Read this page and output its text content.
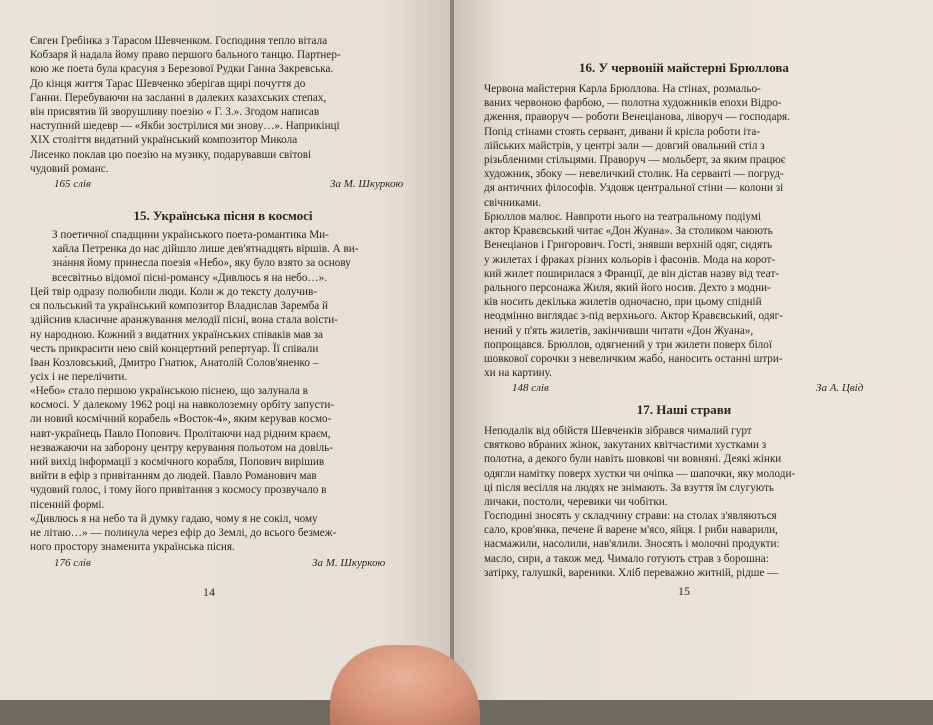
Євген Гребінка з Тарасом Шевченком. Господиня тепло вітала
Кобзаря й надала йому право першого бального танцю. Партнер-
кою же поета була красуня з Березової Рудки Ганна Закревська.
До кінця життя Тарас Шевченко зберігав щирі почуття до
Ганни. Перебуваючи на засланні в далеких казахських степах,
він присвятив їй зворушливу поезію « Г. З.». Згодом написав
наступний шедевр — «Якби зострілися ми знову…». Наприкінці
XIX століття видатний український композитор Микола
Лисенко поклав цю поезію на музику, подарувавши світові
чудовий романс.
165 слів	За М. Шкуркою
15. Українська пісня в космосі
З поетичної спадщини українського поета-романтика Ми-
хайла Петренка до нас дійшло лише дев'ятнадцять віршів. А ви-
зна́ння йому принесла поезія «Небо», яку було взято за основу
всесвітньо відомої пісні-романсу «Дивлюсь я на небо…».
Цей твір одразу полюбили люди. Коли ж до тексту долучив-
ся польський та український композитор Владислав Заремба й
здійснив класичне аранжування мелодії пісні, вона стала воісти-
ну народною. Кожний з видатних українських співаків мав за
честь прикрасити нею свій концертний репертуар. Її співали
Іван Козловський, Дмитро Гнатюк, Анатолій Солов'яненко –
усіх і не перелічити.
«Небо» стало першою українською піснею, що залунала в
космосі. У далекому 1962 році на навколоземну орбіту запусти-
ли новий космічний корабель «Восток-4», яким керував космо-
навт-українець Павло Попович. Пролітаючи над рідним краєм,
незважаючи на заборону центру керування польотом на довіль-
ний вихід інформації з космічного корабля, Попович вирішив
вийти в ефір з привітанням до людей. Павло Романович мав
чудовий голос, і тому його привітання з космосу прозвучало в
пісенній формі.
«Дивлюсь я на небо та й думку гадаю, чому я не сокіл, чому
не літаю…» — полинула через ефір до Землі, до всього безмеж-
ного простору знаменита українська пісня.
176 слів	За М. Шкуркою
14
16. У червоній майстерні Брюллова
Червона майстерня Карла Брюллова. На стінах, розмальо-
ваних червоною фарбою, — полотна художників епохи Відро-
дження, праворуч — роботи Венеціанова, ліворуч — господаря.
Попід стінами стоять сервант, дивани й крісла роботи іта-
лійських майстрів, у центрі зали — довгий овальний стіл з
різьбленими стільцями. Праворуч — мольберт, за яким працює
художник, збоку — невеличкий столик. На серванті — погруд-
дя античних філософів. Уздовж центральної стіни — колони зі
свічниками.
Брюллов малює. Навпроти нього на театральному подіумі
актор Кравєвський читає «Дон Жуана». За столиком чаюють
Венеціанов і Григорович. Гості, знявши верхній одяг, сидять
у жилетах і фраках різних кольорів і фасонів. Мода на корот-
кий жилет поширилася з Франції, де він дістав назву від теат-
рального персонажа Жиля, який його носив. Дехто з модни-
ків носить декілька жилетів одночасно, при цьому спідній
неодмінно виглядає з-під верхнього. Актор Кравєвський, одяг-
нений у п'ять жилетів, закінчивши читати «Дон Жуана»,
попрощався. Брюллов, одягнений у три жилети поверх білої
шовкової сорочки з невеличким жабо́, наносить останні штри-
хи на картину.
148 слів	За А. Цвід
17. Наші страви
Неподалік від обійстя Шевченків зібрався чималий гурт
святково вбраних жінок, закутаних квітчастими хустками з
полотна, а декого були навіть шовкові чи вовняні. Деякі жінки
одягли намітку поверх хустки чи очіпка — шапочки, яку молоди-
ці після весілля на людях не знімають. За взуття їм слугують
личаки, постоли, черевики чи чобітки.
Господині зносять у складчину страви: на столах з'являються
сало, кров'янка, печене й варене м'ясо, яйця. І риби наварили,
насмажили, насолили, нав'ялили. Зносять і молочні продукти:
масло, сири, а також мед. Чимало готують страв з борошна:
затірку, галушкй, вареники. Хліб переважно житній, рідше —
15
